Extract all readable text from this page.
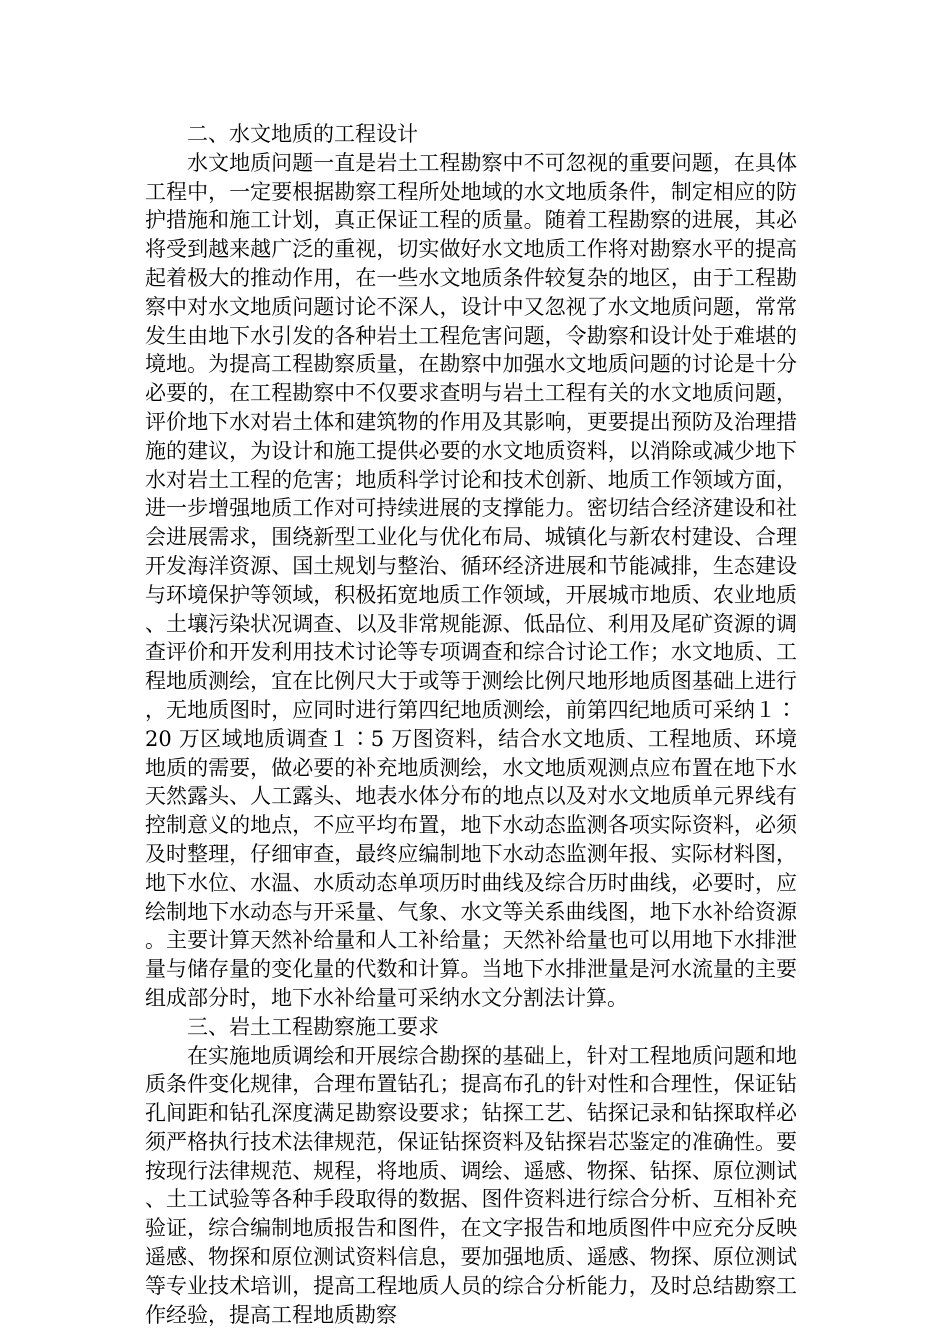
二、水文地质的工程设计

水文地质问题一直是岩土工程勘察中不可忽视的重要问题，在具体工程中，一定要根据勘察工程所处地域的水文地质条件，制定相应的防护措施和施工计划，真正保证工程的质量。随着工程勘察的进展，其必将受到越来越广泛的重视，切实做好水文地质工作将对勘察水平的提高起着极大的推动作用，在一些水文地质条件较复杂的地区，由于工程勘察中对水文地质问题讨论不深人，设计中又忽视了水文地质问题，常常发生由地下水引发的各种岩土工程危害问题，令勘察和设计处于难堪的境地。为提高工程勘察质量，在勘察中加强水文地质问题的讨论是十分必要的，在工程勘察中不仅要求查明与岩土工程有关的水文地质问题，评价地下水对岩土体和建筑物的作用及其影响，更要提出预防及治理措施的建议，为设计和施工提供必要的水文地质资料，以消除或减少地下水对岩土工程的危害；地质科学讨论和技术创新、地质工作领域方面，进一步增强地质工作对可持续进展的支撑能力。密切结合经济建设和社会进展需求，围绕新型工业化与优化布局、城镇化与新农村建设、合理开发海洋资源、国土规划与整治、循环经济进展和节能减排，生态建设与环境保护等领域，积极拓宽地质工作领域，开展城市地质、农业地质、土壤污染状况调查、以及非常规能源、低品位、利用及尾矿资源的调查评价和开发利用技术讨论等专项调查和综合讨论工作；水文地质、工程地质测绘，宜在比例尺大于或等于测绘比例尺地形地质图基础上进行，无地质图时，应同时进行第四纪地质测绘，前第四纪地质可采纳１∶20 万区域地质调查１∶5 万图资料，结合水文地质、工程地质、环境地质的需要，做必要的补充地质测绘，水文地质观测点应布置在地下水天然露头、人工露头、地表水体分布的地点以及对水文地质单元界线有控制意义的地点，不应平均布置，地下水动态监测各项实际资料，必须及时整理，仔细审查，最终应编制地下水动态监测年报、实际材料图，地下水位、水温、水质动态单项历时曲线及综合历时曲线，必要时，应绘制地下水动态与开采量、气象、水文等关系曲线图，地下水补给资源。主要计算天然补给量和人工补给量；天然补给量也可以用地下水排泄量与储存量的变化量的代数和计算。当地下水排泄量是河水流量的主要组成部分时，地下水补给量可采纳水文分割法计算。

三、岩土工程勘察施工要求

在实施地质调绘和开展综合勘探的基础上，针对工程地质问题和地质条件变化规律，合理布置钻孔；提高布孔的针对性和合理性，保证钻孔间距和钻孔深度满足勘察设要求；钻探工艺、钻探记录和钻探取样必须严格执行技术法律规范，保证钻探资料及钻探岩芯鉴定的准确性。要按现行法律规范、规程，将地质、调绘、遥感、物探、钻探、原位测试、土工试验等各种手段取得的数据、图件资料进行综合分析、互相补充验证，综合编制地质报告和图件，在文字报告和地质图件中应充分反映遥感、物探和原位测试资料信息，要加强地质、遥感、物探、原位测试等专业技术培训，提高工程地质人员的综合分析能力，及时总结勘察工作经验，提高工程地质勘察
